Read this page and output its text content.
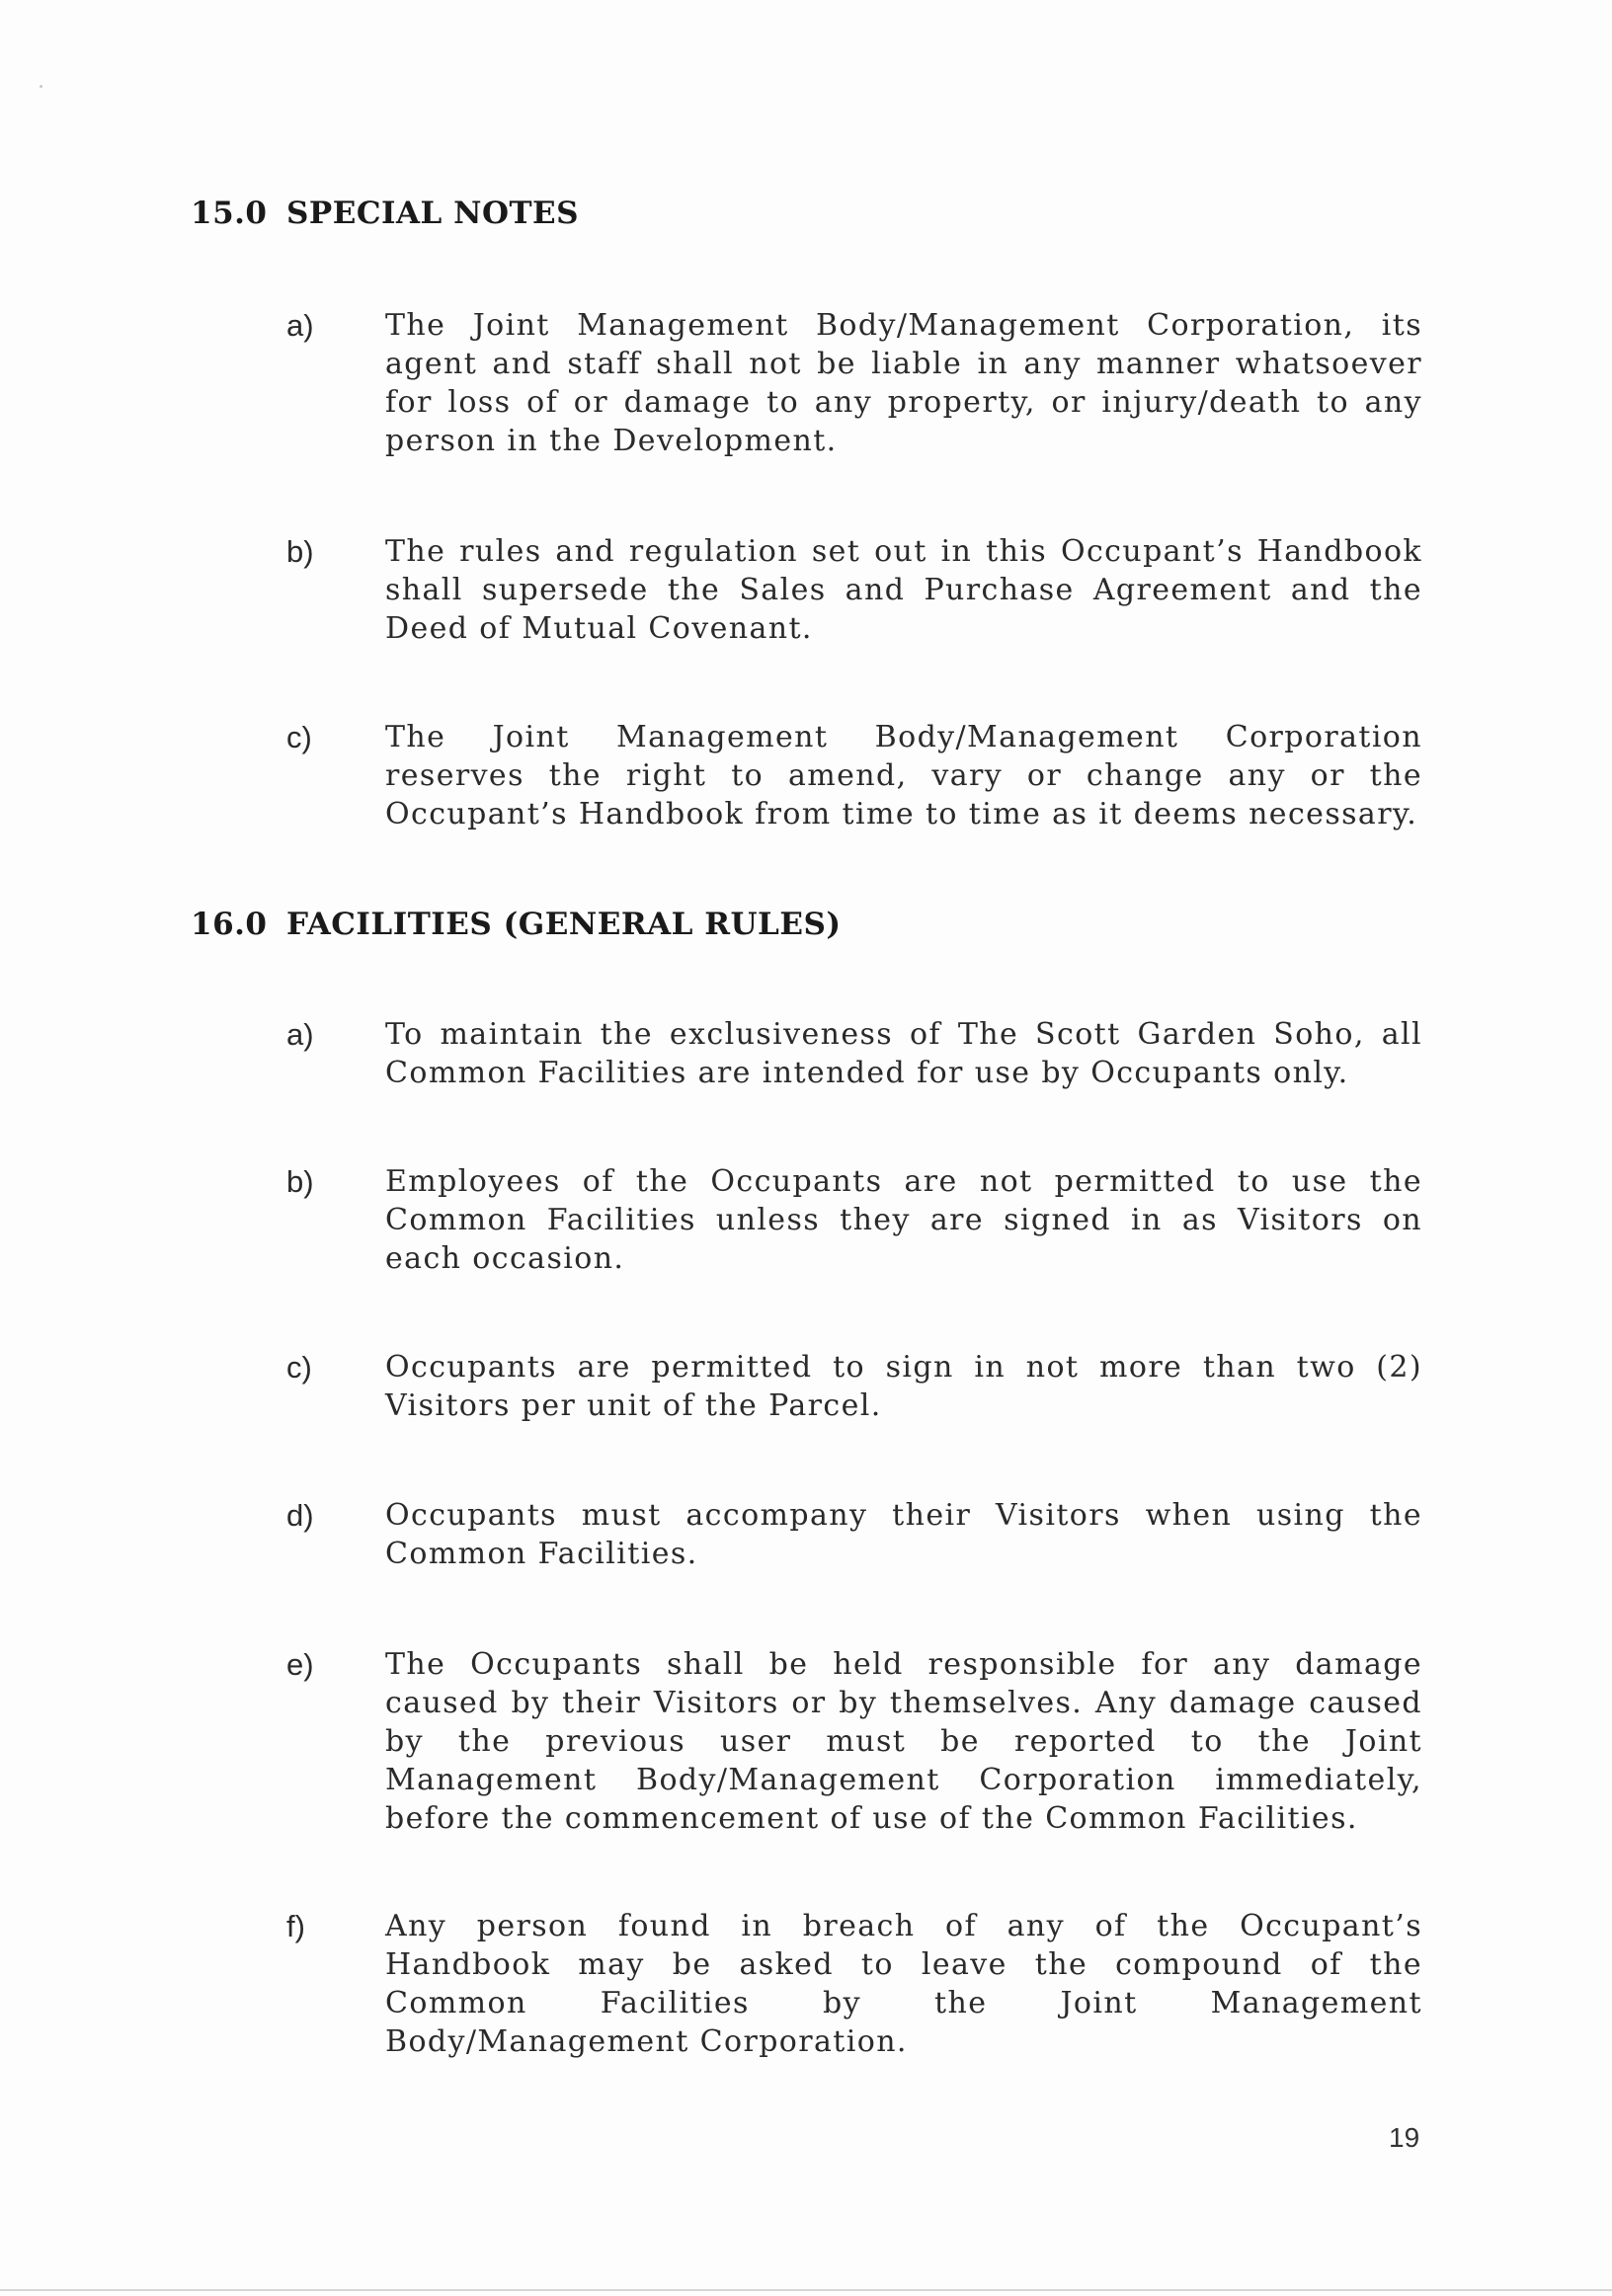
15.0 SPECIAL NOTES
a) The Joint Management Body/Management Corporation, its agent and staff shall not be liable in any manner whatsoever for loss of or damage to any property, or injury/death to any person in the Development.

b) The rules and regulation set out in this Occupant’s Handbook shall supersede the Sales and Purchase Agreement and the Deed of Mutual Covenant.

c) The Joint Management Body/Management Corporation reserves the right to amend, vary or change any or the Occupant’s Handbook from time to time as it deems necessary.

16.0 FACILITIES (GENERAL RULES)
a) To maintain the exclusiveness of The Scott Garden Soho, all Common Facilities are intended for use by Occupants only.

b) Employees of the Occupants are not permitted to use the Common Facilities unless they are signed in as Visitors on each occasion.

c) Occupants are permitted to sign in not more than two (2) Visitors per unit of the Parcel.

d) Occupants must accompany their Visitors when using the Common Facilities.

e) The Occupants shall be held responsible for any damage caused by their Visitors or by themselves. Any damage caused by the previous user must be reported to the Joint Management Body/Management Corporation immediately, before the commencement of use of the Common Facilities.

f)	Any person found in breach of any of the Occupant’s Handbook may be asked to leave the compound of the Common Facilities by the Joint Management Body/Management Corporation.

19
